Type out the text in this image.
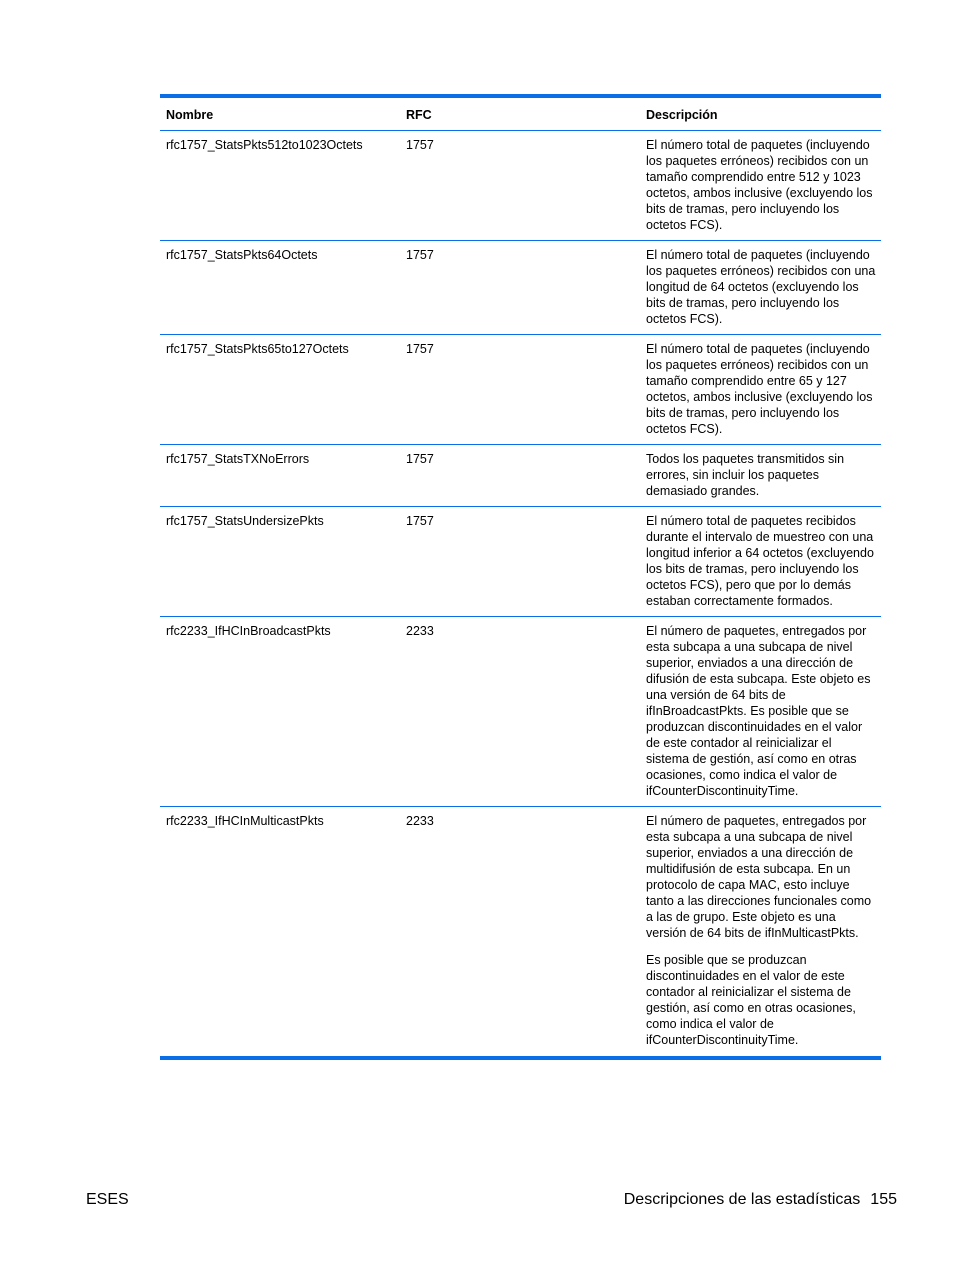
Nombre	RFC	Descripción
rfc1757_StatsPkts512to1023Octets	1757	El número total de paquetes (incluyendo los paquetes erróneos) recibidos con un tamaño comprendido entre 512 y 1023 octetos, ambos inclusive (excluyendo los bits de tramas, pero incluyendo los octetos FCS).

rfc1757_StatsPkts64Octets	1757	El número total de paquetes (incluyendo los paquetes erróneos) recibidos con una longitud de 64 octetos (excluyendo los bits de tramas, pero incluyendo los octetos FCS).

rfc1757_StatsPkts65to127Octets	1757	El número total de paquetes (incluyendo los paquetes erróneos) recibidos con un tamaño comprendido entre 65 y 127 octetos, ambos inclusive (excluyendo los bits de tramas, pero incluyendo los octetos FCS).

rfc1757_StatsTXNoErrors	1757	Todos los paquetes transmitidos sin errores, sin incluir los paquetes demasiado grandes.

rfc1757_StatsUndersizePkts	1757	El número total de paquetes recibidos durante el intervalo de muestreo con una longitud inferior a 64 octetos (excluyendo los bits de tramas, pero incluyendo los octetos FCS), pero que por lo demás estaban correctamente formados.

rfc2233_IfHCInBroadcastPkts	2233	El número de paquetes, entregados por esta subcapa a una subcapa de nivel superior, enviados a una dirección de difusión de esta subcapa. Este objeto es una versión de 64 bits de ifInBroadcastPkts. Es posible que se produzcan discontinuidades en el valor de este contador al reinicializar el sistema de gestión, así como en otras ocasiones, como indica el valor de ifCounterDiscontinuityTime.

rfc2233_IfHCInMulticastPkts	2233	El número de paquetes, entregados por esta subcapa a una subcapa de nivel superior, enviados a una dirección de multidifusión de esta subcapa. En un protocolo de capa MAC, esto incluye tanto a las direcciones funcionales como a las de grupo. Este objeto es una versión de 64 bits de ifInMulticastPkts.

Es posible que se produzcan discontinuidades en el valor de este contador al reinicializar el sistema de gestión, así como en otras ocasiones, como indica el valor de ifCounterDiscontinuityTime.

ESES	Descripciones de las estadísticas 155
